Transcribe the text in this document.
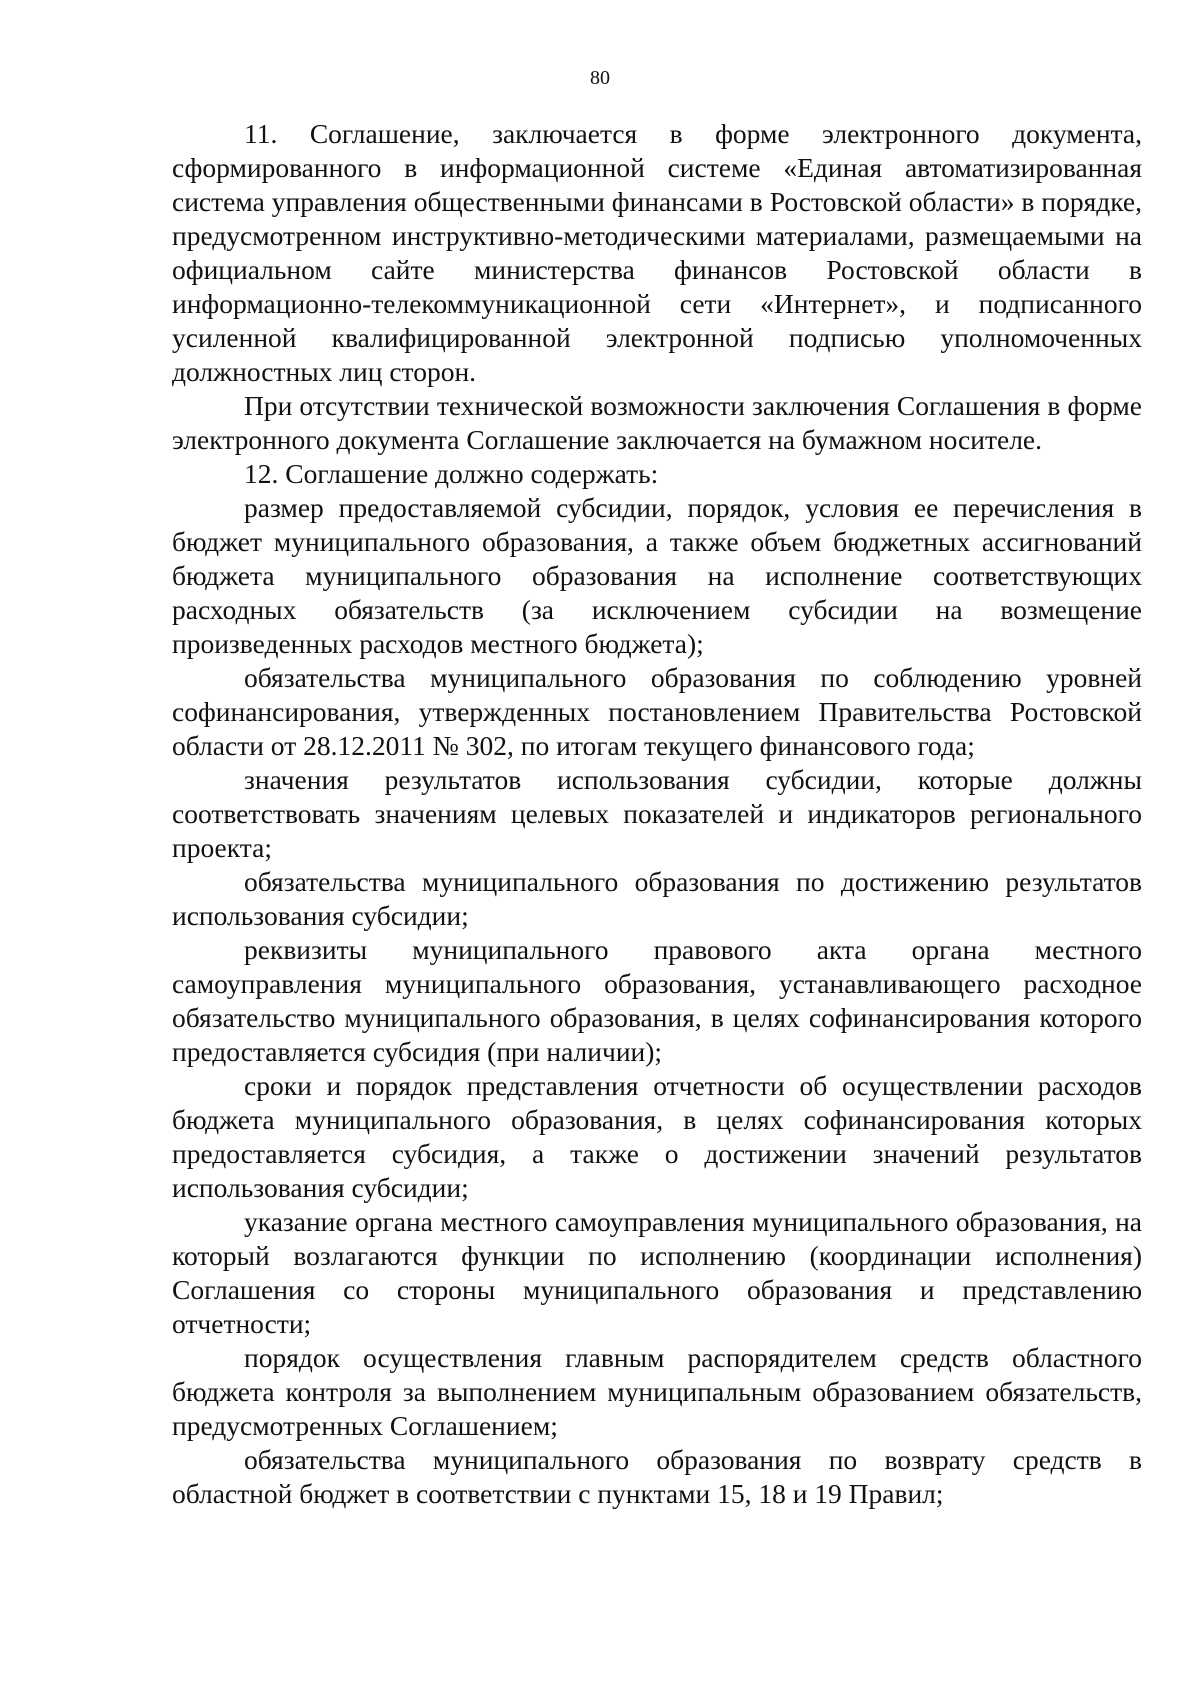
80

11. Соглашение, заключается в форме электронного документа, сформированного в информационной системе «Единая автоматизированная система управления общественными финансами в Ростовской области» в порядке, предусмотренном инструктивно-методическими материалами, размещаемыми на официальном сайте министерства финансов Ростовской области в информационно-телекоммуникационной сети «Интернет», и подписанного усиленной квалифицированной электронной подписью уполномоченных должностных лиц сторон.

При отсутствии технической возможности заключения Соглашения в форме электронного документа Соглашение заключается на бумажном носителе.

12. Соглашение должно содержать:

размер предоставляемой субсидии, порядок, условия ее перечисления в бюджет муниципального образования, а также объем бюджетных ассигнований бюджета муниципального образования на исполнение соответствующих расходных обязательств (за исключением субсидии на возмещение произведенных расходов местного бюджета);

обязательства муниципального образования по соблюдению уровней софинансирования, утвержденных постановлением Правительства Ростовской области от 28.12.2011 № 302, по итогам текущего финансового года;

значения результатов использования субсидии, которые должны соответствовать значениям целевых показателей и индикаторов регионального проекта;

обязательства муниципального образования по достижению результатов использования субсидии;

реквизиты муниципального правового акта органа местного самоуправления муниципального образования, устанавливающего расходное обязательство муниципального образования, в целях софинансирования которого предоставляется субсидия (при наличии);

сроки и порядок представления отчетности об осуществлении расходов бюджета муниципального образования, в целях софинансирования которых предоставляется субсидия, а также о достижении значений результатов использования субсидии;

указание органа местного самоуправления муниципального образования, на который возлагаются функции по исполнению (координации исполнения) Соглашения со стороны муниципального образования и представлению отчетности;

порядок осуществления главным распорядителем средств областного бюджета контроля за выполнением муниципальным образованием обязательств, предусмотренных Соглашением;

обязательства муниципального образования по возврату средств в областной бюджет в соответствии с пунктами 15, 18 и 19 Правил;
